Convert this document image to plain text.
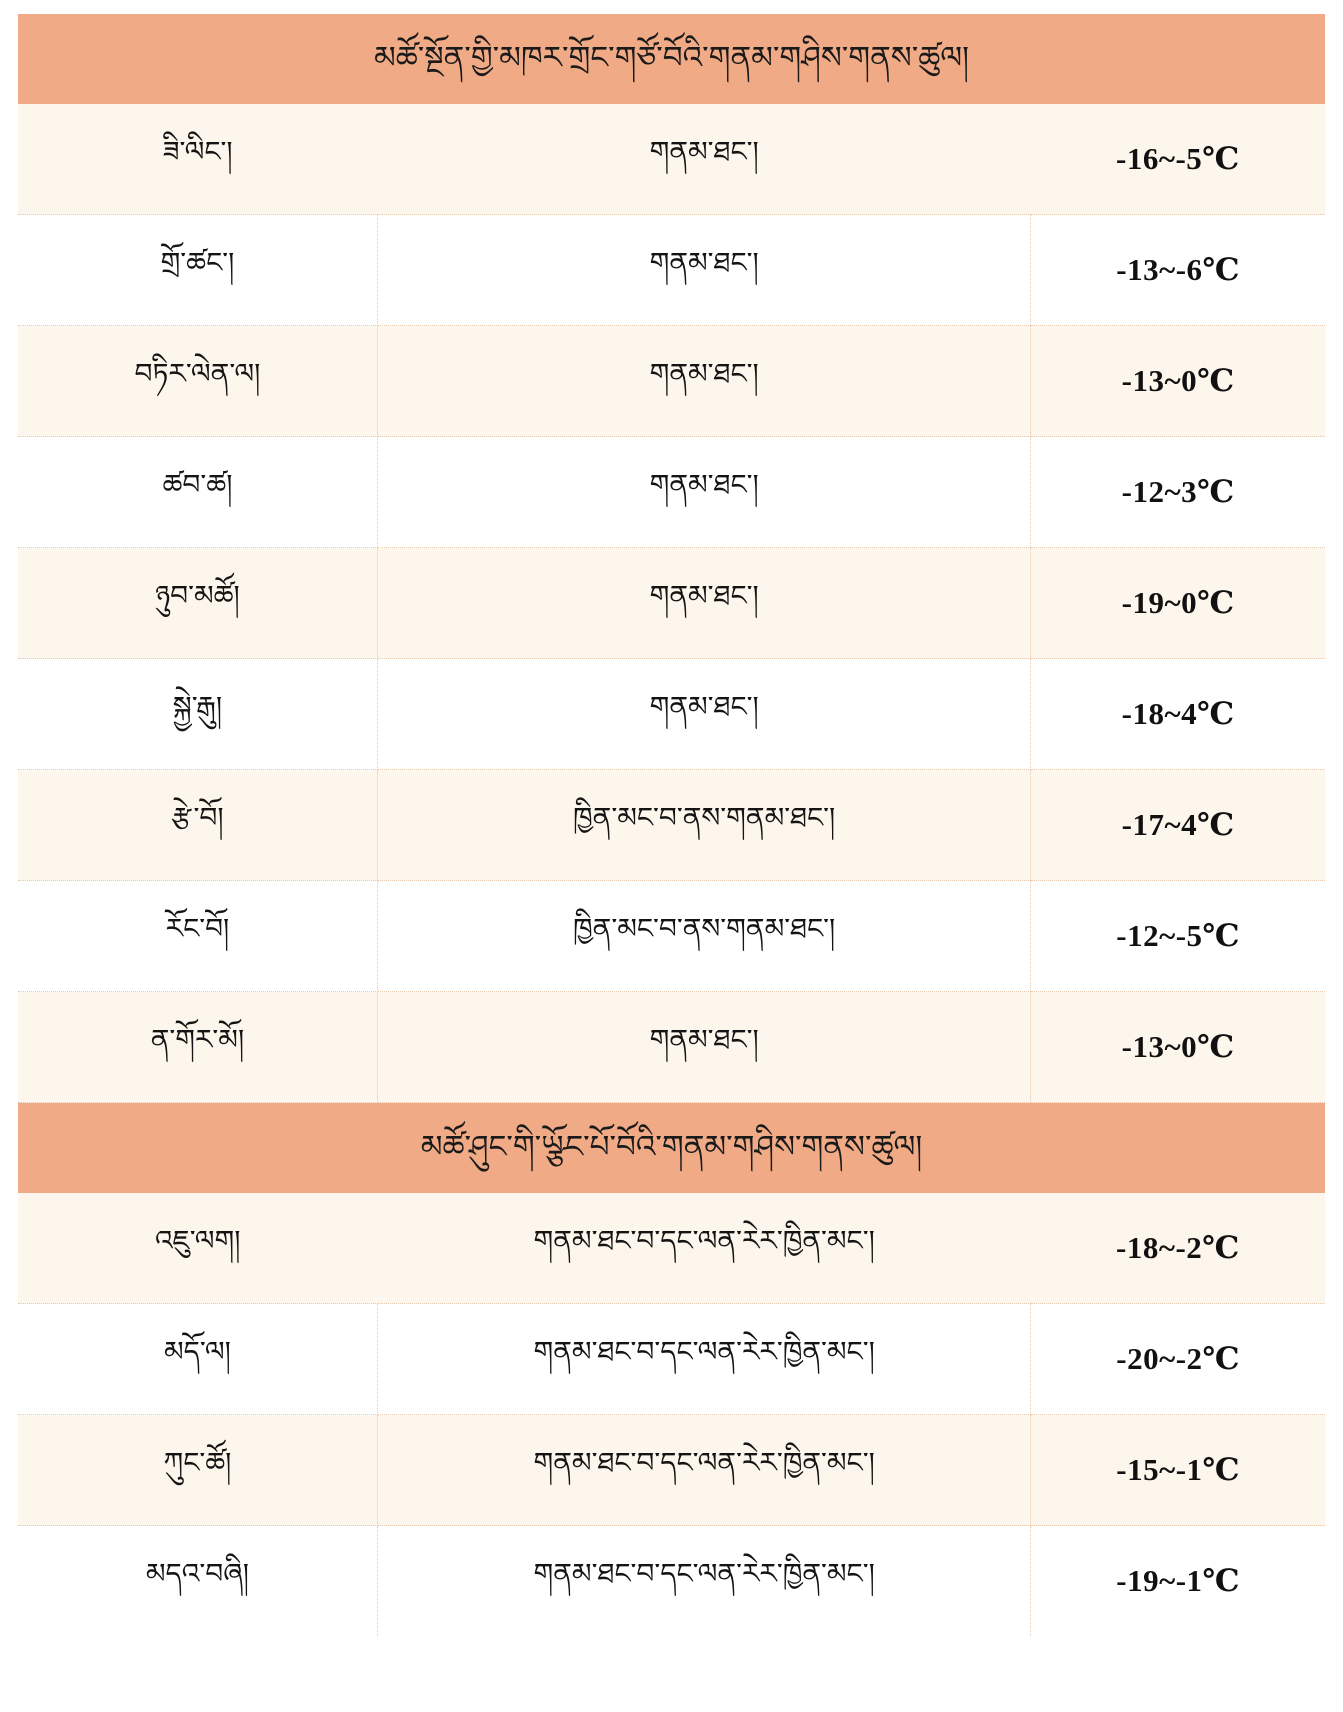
མཚོ་སྔོན་གྱི་མཁར་གྲོང་གཙོ་བོའི་གནམ་གཤིས་གནས་ཚུལ།		
ཟི་ལིང་།	གནམ་ཐང་།	-16~-5℃
གྲོ་ཚང་།	གནམ་ཐང་།	-13~-6℃
བཏིར་ལེན་ལ།	གནམ་ཐང་།	-13~0℃
ཚབ་ཚ།	གནམ་ཐང་།	-12~3℃
ཉུབ་མཚོ།	གནམ་ཐང་།	-19~0℃
སྐྱེ་རྒུ།	གནམ་ཐང་།	-18~4℃
རྩེ་བོ།	ཁྱིན་མང་བ་ནས་གནམ་ཐང་།	-17~4℃
རོང་བོ།	ཁྱིན་མང་བ་ནས་གནམ་ཐང་།	-12~-5℃
ན་གོར་མོ།	གནམ་ཐང་།	-13~0℃
མཚོ་ཤུང་གི་ཡྩོང་པོ་བོའི་གནམ་གཤིས་གནས་ཚུལ།		
འཇུ་ལག།	གནམ་ཐང་བ་དང་ལན་རེར་ཁྱིན་མང་།	-18~-2℃
མདོ་ལ།	གནམ་ཐང་བ་དང་ལན་རེར་ཁྱིན་མང་།	-20~-2℃
ཀུང་ཚོ།	གནམ་ཐང་བ་དང་ལན་རེར་ཁྱིན་མང་།	-15~-1℃
མདའ་བཞི།	གནམ་ཐང་བ་དང་ལན་རེར་ཁྱིན་མང་།	-19~-1℃
